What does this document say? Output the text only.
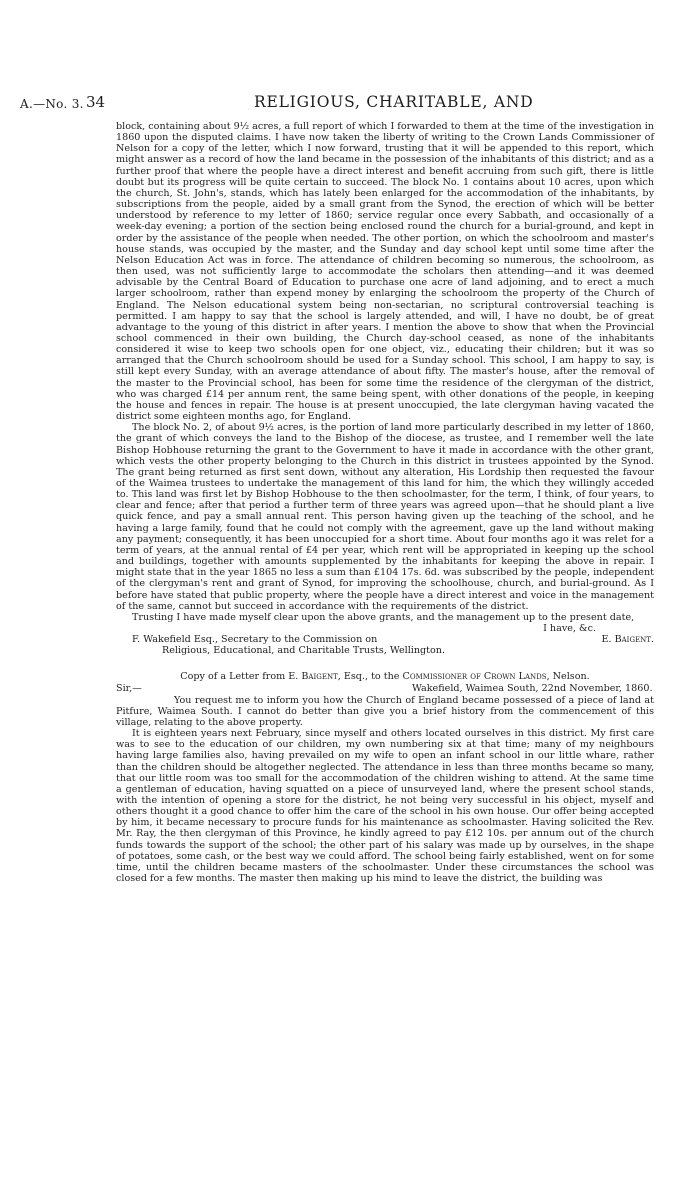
A.—No. 3. 34	RELIGIOUS, CHARITABLE, AND

block, containing about 9½ acres, a full report of which I forwarded to them at the time of the investigation in 1860 upon the disputed claims. I have now taken the liberty of writing to the Crown Lands Commissioner of Nelson for a copy of the letter, which I now forward, trusting that it will be appended to this report, which might answer as a record of how the land became in the possession of the inhabitants of this district; and as a further proof that where the people have a direct interest and benefit accruing from such gift, there is little doubt but its progress will be quite certain to succeed. The block No. 1 contains about 10 acres, upon which the church, St. John's, stands, which has lately been enlarged for the accommodation of the inhabitants, by subscriptions from the people, aided by a small grant from the Synod, the erection of which will be better understood by reference to my letter of 1860; service regular once every Sabbath, and occasionally of a week-day evening; a portion of the section being enclosed round the church for a burial-ground, and kept in order by the assistance of the people when needed. The other portion, on which the schoolroom and master's house stands, was occupied by the master, and the Sunday and day school kept until some time after the Nelson Education Act was in force. The attendance of children becoming so numerous, the schoolroom, as then used, was not sufficiently large to accommodate the scholars then attending—and it was deemed advisable by the Central Board of Education to purchase one acre of land adjoining, and to erect a much larger schoolroom, rather than expend money by enlarging the schoolroom the property of the Church of England. The Nelson educational system being non-sectarian, no scriptural controversial teaching is permitted. I am happy to say that the school is largely attended, and will, I have no doubt, be of great advantage to the young of this district in after years. I mention the above to show that when the Provincial school commenced in their own building, the Church day-school ceased, as none of the inhabitants considered it wise to keep two schools open for one object, viz., educating their children; but it was so arranged that the Church schoolroom should be used for a Sunday school. This school, I am happy to say, is still kept every Sunday, with an average attendance of about fifty. The master's house, after the removal of the master to the Provincial school, has been for some time the residence of the clergyman of the district, who was charged £14 per annum rent, the same being spent, with other donations of the people, in keeping the house and fences in repair. The house is at present unoccupied, the late clergyman having vacated the district some eighteen months ago, for England.

The block No. 2, of about 9½ acres, is the portion of land more particularly described in my letter of 1860, the grant of which conveys the land to the Bishop of the diocese, as trustee, and I remember well the late Bishop Hobhouse returning the grant to the Government to have it made in accordance with the other grant, which vests the other property belonging to the Church in this district in trustees appointed by the Synod. The grant being returned as first sent down, without any alteration, His Lordship then requested the favour of the Waimea trustees to undertake the management of this land for him, the which they willingly acceded to. This land was first let by Bishop Hobhouse to the then schoolmaster, for the term, I think, of four years, to clear and fence; after that period a further term of three years was agreed upon—that he should plant a live quick fence, and pay a small annual rent. This person having given up the teaching of the school, and he having a large family, found that he could not comply with the agreement, gave up the land without making any payment; consequently, it has been unoccupied for a short time. About four months ago it was relet for a term of years, at the annual rental of £4 per year, which rent will be appropriated in keeping up the school and buildings, together with amounts supplemented by the inhabitants for keeping the above in repair. I might state that in the year 1865 no less a sum than £104 17s. 6d. was subscribed by the people, independent of the clergyman's rent and grant of Synod, for improving the schoolhouse, church, and burial-ground. As I before have stated that public property, where the people have a direct interest and voice in the management of the same, cannot but succeed in accordance with the requirements of the district.

Trusting I have made myself clear upon the above grants, and the management up to the present date,

I have, &c.
F. Wakefield Esq., Secretary to the Commission on	E. Baigent.
Religious, Educational, and Charitable Trusts, Wellington.

Copy of a Letter from E. Baigent, Esq., to the Commissioner of Crown Lands, Nelson.

Sir,—	Wakefield, Waimea South, 22nd November, 1860.

You request me to inform you how the Church of England became possessed of a piece of land at Pitfure, Waimea South. I cannot do better than give you a brief history from the commencement of this village, relating to the above property.

It is eighteen years next February, since myself and others located ourselves in this district. My first care was to see to the education of our children, my own numbering six at that time; many of my neighbours having large families also, having prevailed on my wife to open an infant school in our little whare, rather than the children should be altogether neglected. The attendance in less than three months became so many, that our little room was too small for the accommodation of the children wishing to attend. At the same time a gentleman of education, having squatted on a piece of unsurveyed land, where the present school stands, with the intention of opening a store for the district, he not being very successful in his object, myself and others thought it a good chance to offer him the care of the school in his own house. Our offer being accepted by him, it became necessary to procure funds for his maintenance as schoolmaster. Having solicited the Rev. Mr. Ray, the then clergyman of this Province, he kindly agreed to pay £12 10s. per annum out of the church funds towards the support of the school; the other part of his salary was made up by ourselves, in the shape of potatoes, some cash, or the best way we could afford. The school being fairly established, went on for some time, until the children became masters of the schoolmaster. Under these circumstances the school was closed for a few months. The master then making up his mind to leave the district, the building was
